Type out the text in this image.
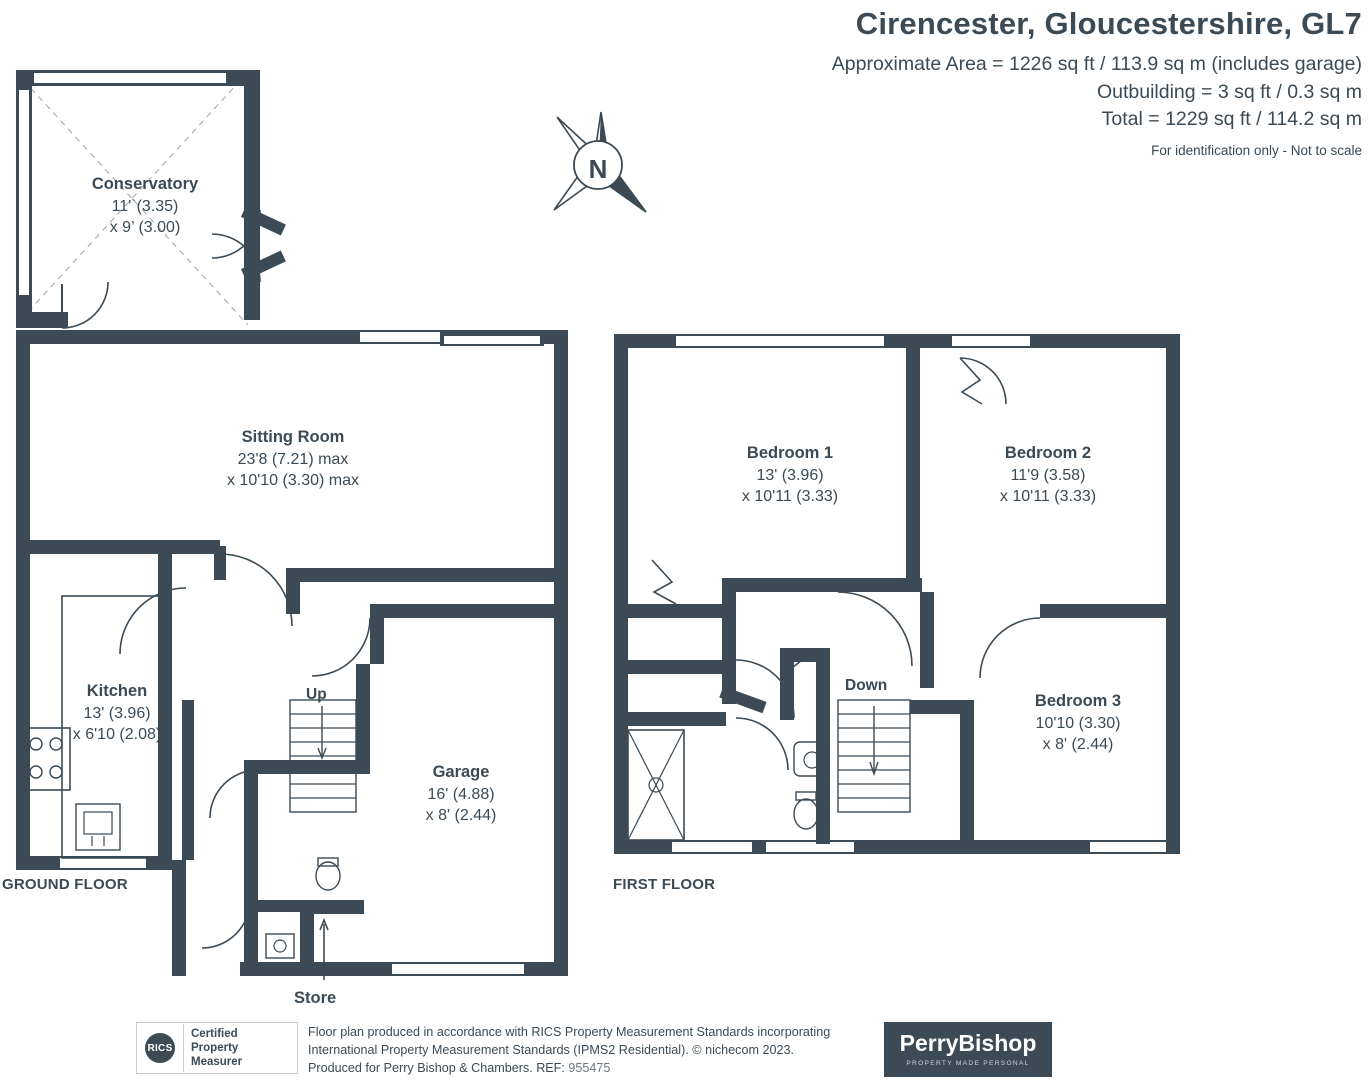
Cirencester, Gloucestershire, GL7
Approximate Area = 1226 sq ft / 113.9 sq m (includes garage)
Outbuilding = 3 sq ft / 0.3 sq m
Total = 1229 sq ft / 114.2 sq m
For identification only - Not to scale
N
Conservatory
11'`(3.35)
x 9’ (3.00)
Sitting Room
23'8 (7.21) max
x 10'10 (3.30) max
Kitchen
13' (3.96)
x 6'10 (2.08)
Garage
16' (4.88)
x 8' (2.44)
Bedroom 1
13' (3.96)
x 10'11 (3.33)
Bedroom 2
11'9 (3.58)
x 10'11 (3.33)
Bedroom 3
10'10 (3.30)
x 8' (2.44)
Up
Down
Store
GROUND FLOOR	FIRST FLOOR
RICS
Certified
Property
Measurer
Floor plan produced in accordance with RICS Property Measurement Standards incorporating
International Property Measurement Standards (IPMS2 Residential). © nichecom 2023.
Produced for Perry Bishop & Chambers. REF: 955475
PerryBishop
PROPERTY MADE PERSONAL
